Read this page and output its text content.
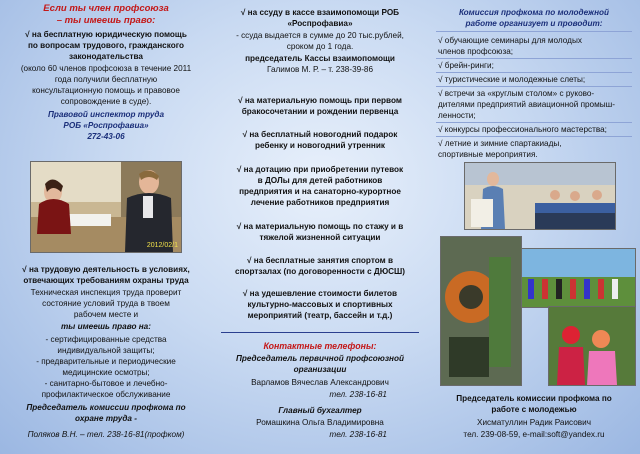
Если ты член профсоюза
– ты имеешь право:
√ на бесплатную юридическую помощь
по вопросам трудового, гражданского
законодательства
(около 60 членов профсоюза в течение 2011
года получили бесплатную
консультационную помощь и правовое
сопровождение в суде).
Правовой инспектор труда
РОБ «Роспрофавиа»
272-43-06
2012/02/1
√ на трудовую деятельность в условиях,
отвечающих требованиям охраны труда
Техническая инспекция труда проверит
состояние условий труда в твоем
рабочем месте и
ты имеешь право на:
- сертифицированные средства
индивидуальной защиты;
- предварительные и периодические
медицинские осмотры;
- санитарно-бытовое и лечебно-
профилактическое обслуживание
Председатель комиссии профкома по
охране труда -
Поляков В.Н. – тел. 238-16-81(профком)
√ на ссуду в кассе взаимопомощи РОБ
«Роспрофавиа»
- ссуда выдается в сумме до 20 тыс.рублей,
сроком до 1 года.
председатель Кассы взаимопомощи
Галимов М. Р. – т. 238-39-86
√ на материальную помощь при первом
бракосочетании и рождении первенца
√ на бесплатный новогодний подарок
ребенку и новогодний утренник
√ на дотацию при приобретении путевок
в ДОЛы для детей работников
предприятия и на санаторно-курортное
лечение работников предприятия
√ на материальную помощь по стажу и в
тяжелой жизненной ситуации
√ на бесплатные занятия спортом в
спортзалах (по договоренности с ДЮСШ)
√ на удешевление стоимости билетов
культурно-массовых и спортивных
мероприятий (театр, бассейн и т.д.)
Контактные телефоны:
Председатель первичной профсоюзной
организации
Варламов Вячеслав Александрович
тел. 238-16-81
Главный бухгалтер
Ромашкина Ольга Владимировна
тел. 238-16-81
Комиссия профкома по молодежной
работе организует и проводит:
√ обучающие семинары для молодых
членов профсоюза;
√ брейн-ринги;
√ туристические и молодежные слеты;
√ встречи за «круглым столом» с руково-
дителями предприятий авиационной промыш-
ленности;
√ конкурсы профессионального мастерства;
√ летние и зимние спартакиады,
спортивные мероприятия.
Председатель комиссии профкома по
работе с молодежью
Хисматуллин Радик Раисович
тел. 239-08-59, e-mail:soft@yandex.ru
